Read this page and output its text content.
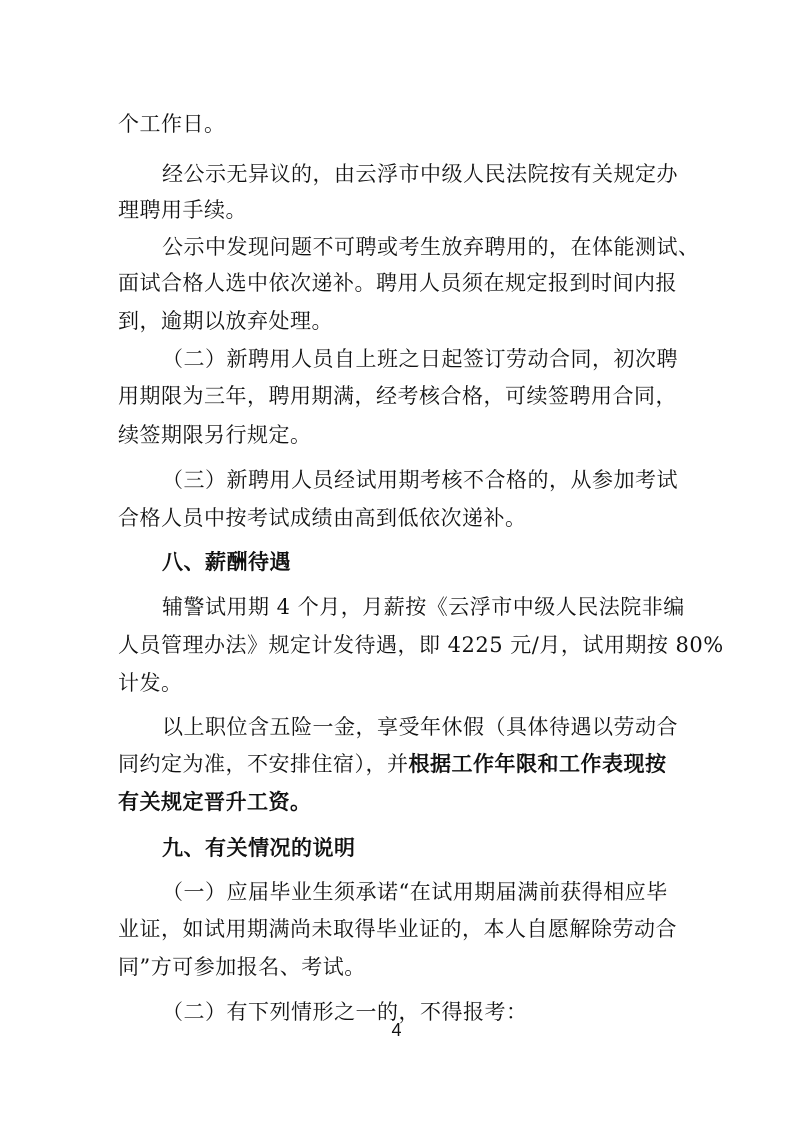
个工作日。
经公示无异议的，由云浮市中级人民法院按有关规定办
理聘用手续。
公示中发现问题不可聘或考生放弃聘用的，在体能测试、
面试合格人选中依次递补。聘用人员须在规定报到时间内报
到，逾期以放弃处理。
（二）新聘用人员自上班之日起签订劳动合同，初次聘
用期限为三年，聘用期满，经考核合格，可续签聘用合同，
续签期限另行规定。
（三）新聘用人员经试用期考核不合格的，从参加考试
合格人员中按考试成绩由高到低依次递补。
八、薪酬待遇
辅警试用期 4 个月，月薪按《云浮市中级人民法院非编
人员管理办法》规定计发待遇，即 4225 元/月，试用期按 80%
计发。
以上职位含五险一金，享受年休假（具体待遇以劳动合
同约定为准，不安排住宿），并根据工作年限和工作表现按
有关规定晋升工资。
九、有关情况的说明
（一）应届毕业生须承诺“在试用期届满前获得相应毕
业证，如试用期满尚未取得毕业证的，本人自愿解除劳动合
同”方可参加报名、考试。
（二）有下列情形之一的，不得报考：
4
